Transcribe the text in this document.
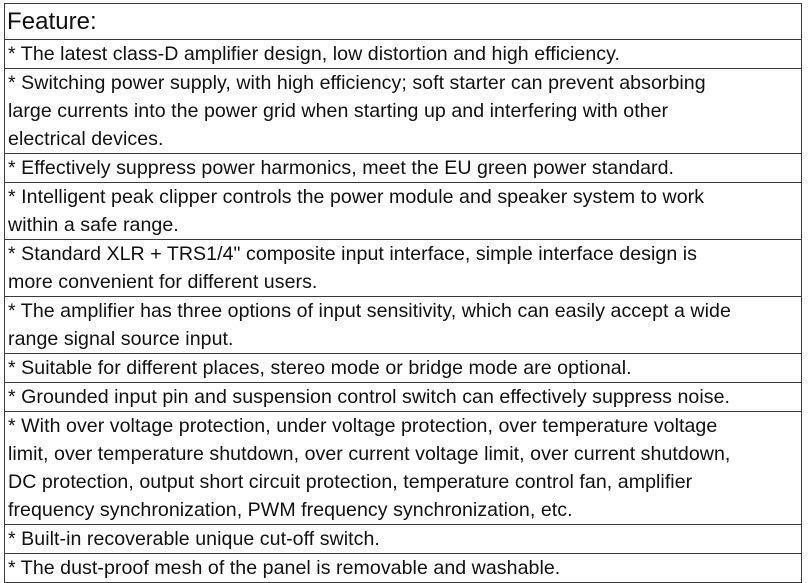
Feature:

* The latest class-D amplifier design, low distortion and high efficiency.

* Switching power supply, with high efficiency; soft starter can prevent absorbing
large currents into the power grid when starting up and interfering with other
electrical devices.

* Effectively suppress power harmonics, meet the EU green power standard.

* Intelligent peak clipper controls the power module and speaker system to work
within a safe range.

* Standard XLR + TRS1/4" composite input interface, simple interface design is
more convenient for different users.

* The amplifier has three options of input sensitivity, which can easily accept a wide
range signal source input.

* Suitable for different places, stereo mode or bridge mode are optional.

* Grounded input pin and suspension control switch can effectively suppress noise.

* With over voltage protection, under voltage protection, over temperature voltage
limit, over temperature shutdown, over current voltage limit, over current shutdown,
DC protection, output short circuit protection, temperature control fan, amplifier
frequency synchronization, PWM frequency synchronization, etc.

* Built-in recoverable unique cut-off switch.

* The dust-proof mesh of the panel is removable and washable.
